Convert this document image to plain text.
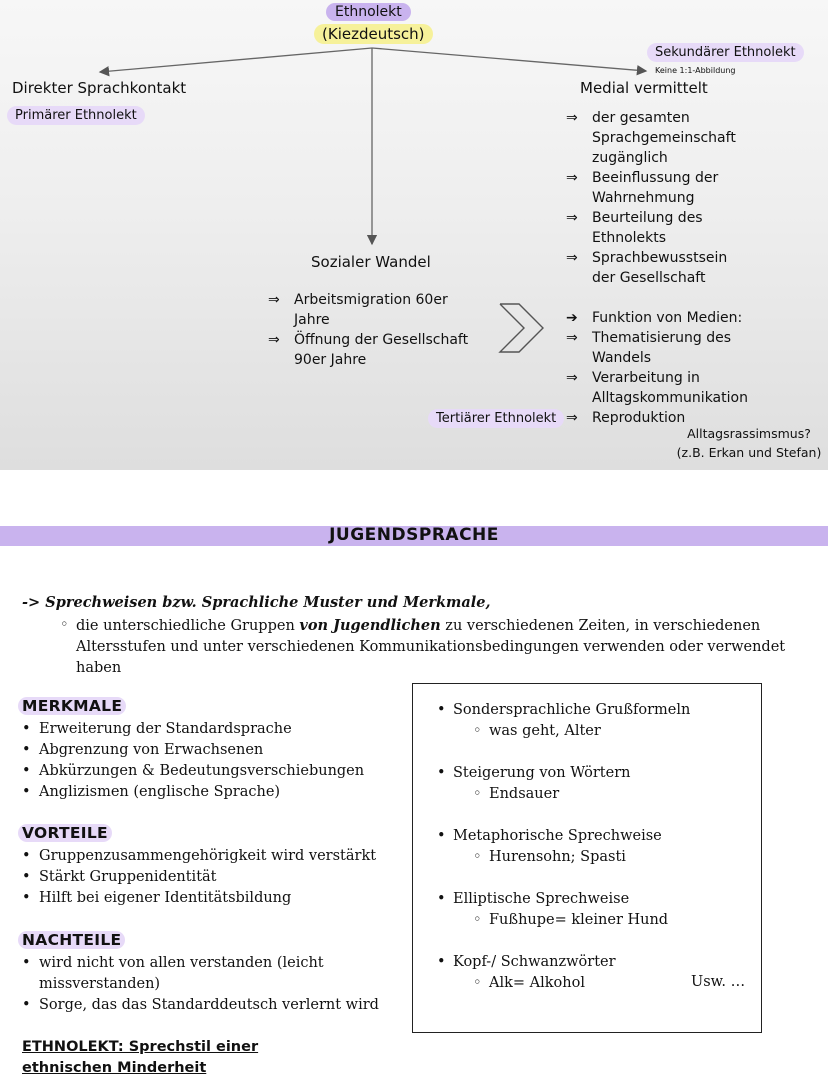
Ethnolekt
(Kiezdeutsch)
Sekundärer Ethnolekt
Keine 1:1-Abbildung
Direkter Sprachkontakt
Primärer Ethnolekt
Medial vermittelt
⇒ der gesamten Sprachgemeinschaft zugänglich
⇒ Beeinflussung der Wahrnehmung
⇒ Beurteilung des Ethnolekts
⇒ Sprachbewusstsein der Gesellschaft
Sozialer Wandel
⇒ Arbeitsmigration 60er Jahre
⇒ Öffnung der Gesellschaft 90er Jahre
➔ Funktion von Medien:
⇒ Thematisierung des Wandels
⇒ Verarbeitung in Alltagskommunikation
⇒ Reproduktion
Tertiärer Ethnolekt
Alltagsrassimsmus?
(z.B. Erkan und Stefan)
JUGENDSPRACHE
-> Sprechweisen bzw. Sprachliche Muster und Merkmale,
◦ die unterschiedliche Gruppen von Jugendlichen zu verschiedenen Zeiten, in verschiedenen Altersstufen und unter verschiedenen Kommunikationsbedingungen verwenden oder verwendet haben
MERKMALE
• Erweiterung der Standardsprache
• Abgrenzung von Erwachsenen
• Abkürzungen & Bedeutungsverschiebungen
• Anglizismen (englische Sprache)
VORTEILE
• Gruppenzusammengehörigkeit wird verstärkt
• Stärkt Gruppenidentität
• Hilft bei eigener Identitätsbildung
NACHTEILE
• wird nicht von allen verstanden (leicht missverstanden)
• Sorge, das das Standarddeutsch verlernt wird
• Sondersprachliche Grußformeln
◦ was geht, Alter
• Steigerung von Wörtern
◦ Endsauer
• Metaphorische Sprechweise
◦ Hurensohn; Spasti
• Elliptische Sprechweise
◦ Fußhupe= kleiner Hund
• Kopf-/ Schwanzwörter
◦ Alk= Alkohol	Usw. …
ETHNOLEKT: Sprechstil einer ethnischen Minderheit
